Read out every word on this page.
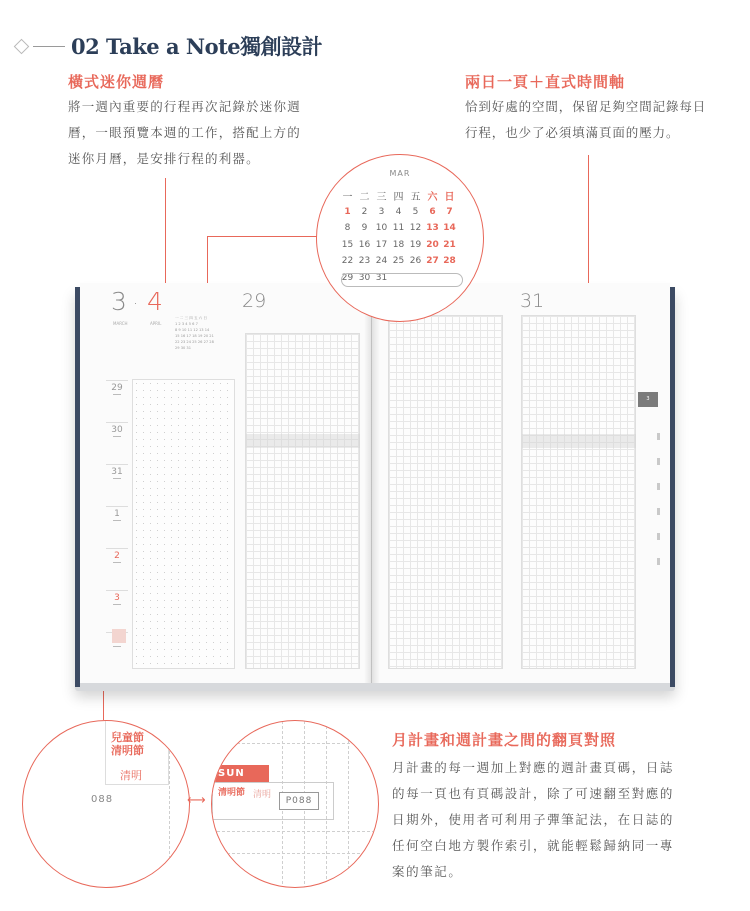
02 Take a Note獨創設計
橫式迷你週曆
將一週內重要的行程再次記錄於迷你週
曆，一眼預覽本週的工作，搭配上方的
迷你月曆，是安排行程的利器。
兩日一頁＋直式時間軸
恰到好處的空間，保留足夠空間記錄每日
行程，也少了必須填滿頁面的壓力。
3 · 4
MARCH	APRIL
一 二 三 四 五 六 日
1 2 3 4 5 6 7
8 9 10 11 12 13 14
15 16 17 18 19 20 21
22 23 24 25 26 27 28
29 30 31
29
30
31
1
2
3
29	31
3
MAR
一 二 三 四 五 六 日
1	2	3	4	5	6	7
8	9 10 11 12 13 14
15 16 17 18 19 20 21
22 23 24 25 26 27 28
29 30 31
兒童節
清明節
清明
088	⟷
SUN
清明節 清明
P088
月計畫和週計畫之間的翻頁對照
月計畫的每一週加上對應的週計畫頁碼，日誌
的每一頁也有頁碼設計，除了可速翻至對應的
日期外，使用者可利用子彈筆記法，在日誌的
任何空白地方製作索引，就能輕鬆歸納同一專
案的筆記。
